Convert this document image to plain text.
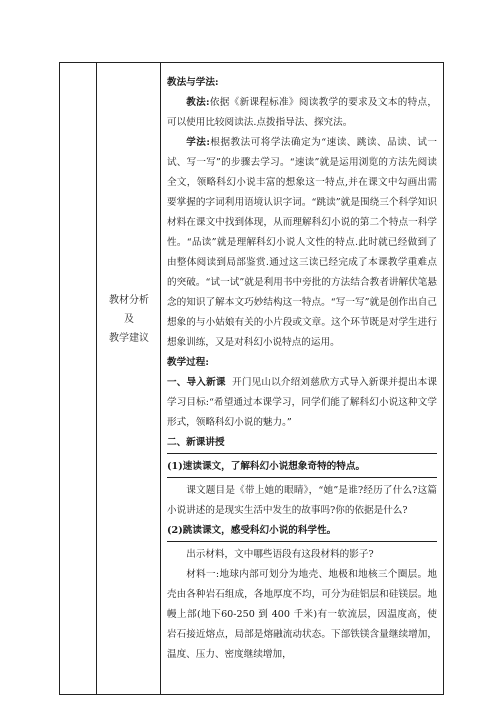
教材分析
及
教学建议

教法与学法:

教法:依据《新课程标准》阅读教学的要求及文本的特点，可以使用比较阅读法.点拨指导法、探究法。

学法:根据教法可将学法确定为“速读、跳读、品读、试一试、写一写”的步骤去学习。“速读”就是运用浏览的方法先阅读全文，领略科幻小说丰富的想象这一特点,并在课文中勾画出需要掌握的字词利用语境认识字词。“跳读”就是围绕三个科学知识材料在课文中找到体现，从而理解科幻小说的第二个特点一科学性。“品读”就是理解科幻小说人文性的特点.此时就已经做到了由整体阅读到局部鉴赏.通过这三读已经完成了本课教学重难点的突破。“试一试”就是利用书中旁批的方法结合教者讲解伏笔悬念的知识了解本文巧妙结构这一特点。“写一写”就是创作出自己想象的与小姑娘有关的小片段或文章。这个环节既是对学生进行想象训练，又是对科幻小说特点的运用。

教学过程:

一、导入新课 开门见山以介绍刘慈欣方式导入新课并提出本课学习目标:“希望通过本课学习，同学们能了解科幻小说这种文学形式，领略科幻小说的魅力。”

二、新课讲授
(1)速读课文，了解科幻小说想象奇特的特点。

课文题目是《带上她的眼睛》，“她”是谁?经历了什么?这篇小说讲述的是现实生活中发生的故事吗?你的依据是什么?

(2)跳读课文，感受科幻小说的科学性。

出示材料，文中哪些语段有这段材料的影子?

材料一:地球内部可划分为地壳、地极和地核三个圈层。地壳由各种岩石组成，各地厚度不均，可分为硅铝层和硅镁层。地幔上部(地下60-250 到 400 千米)有一软流层，因温度高，使岩石接近熔点，局部是熔融流动状态。下部铁镁含量继续增加，温度、压力、密度继续增加，
